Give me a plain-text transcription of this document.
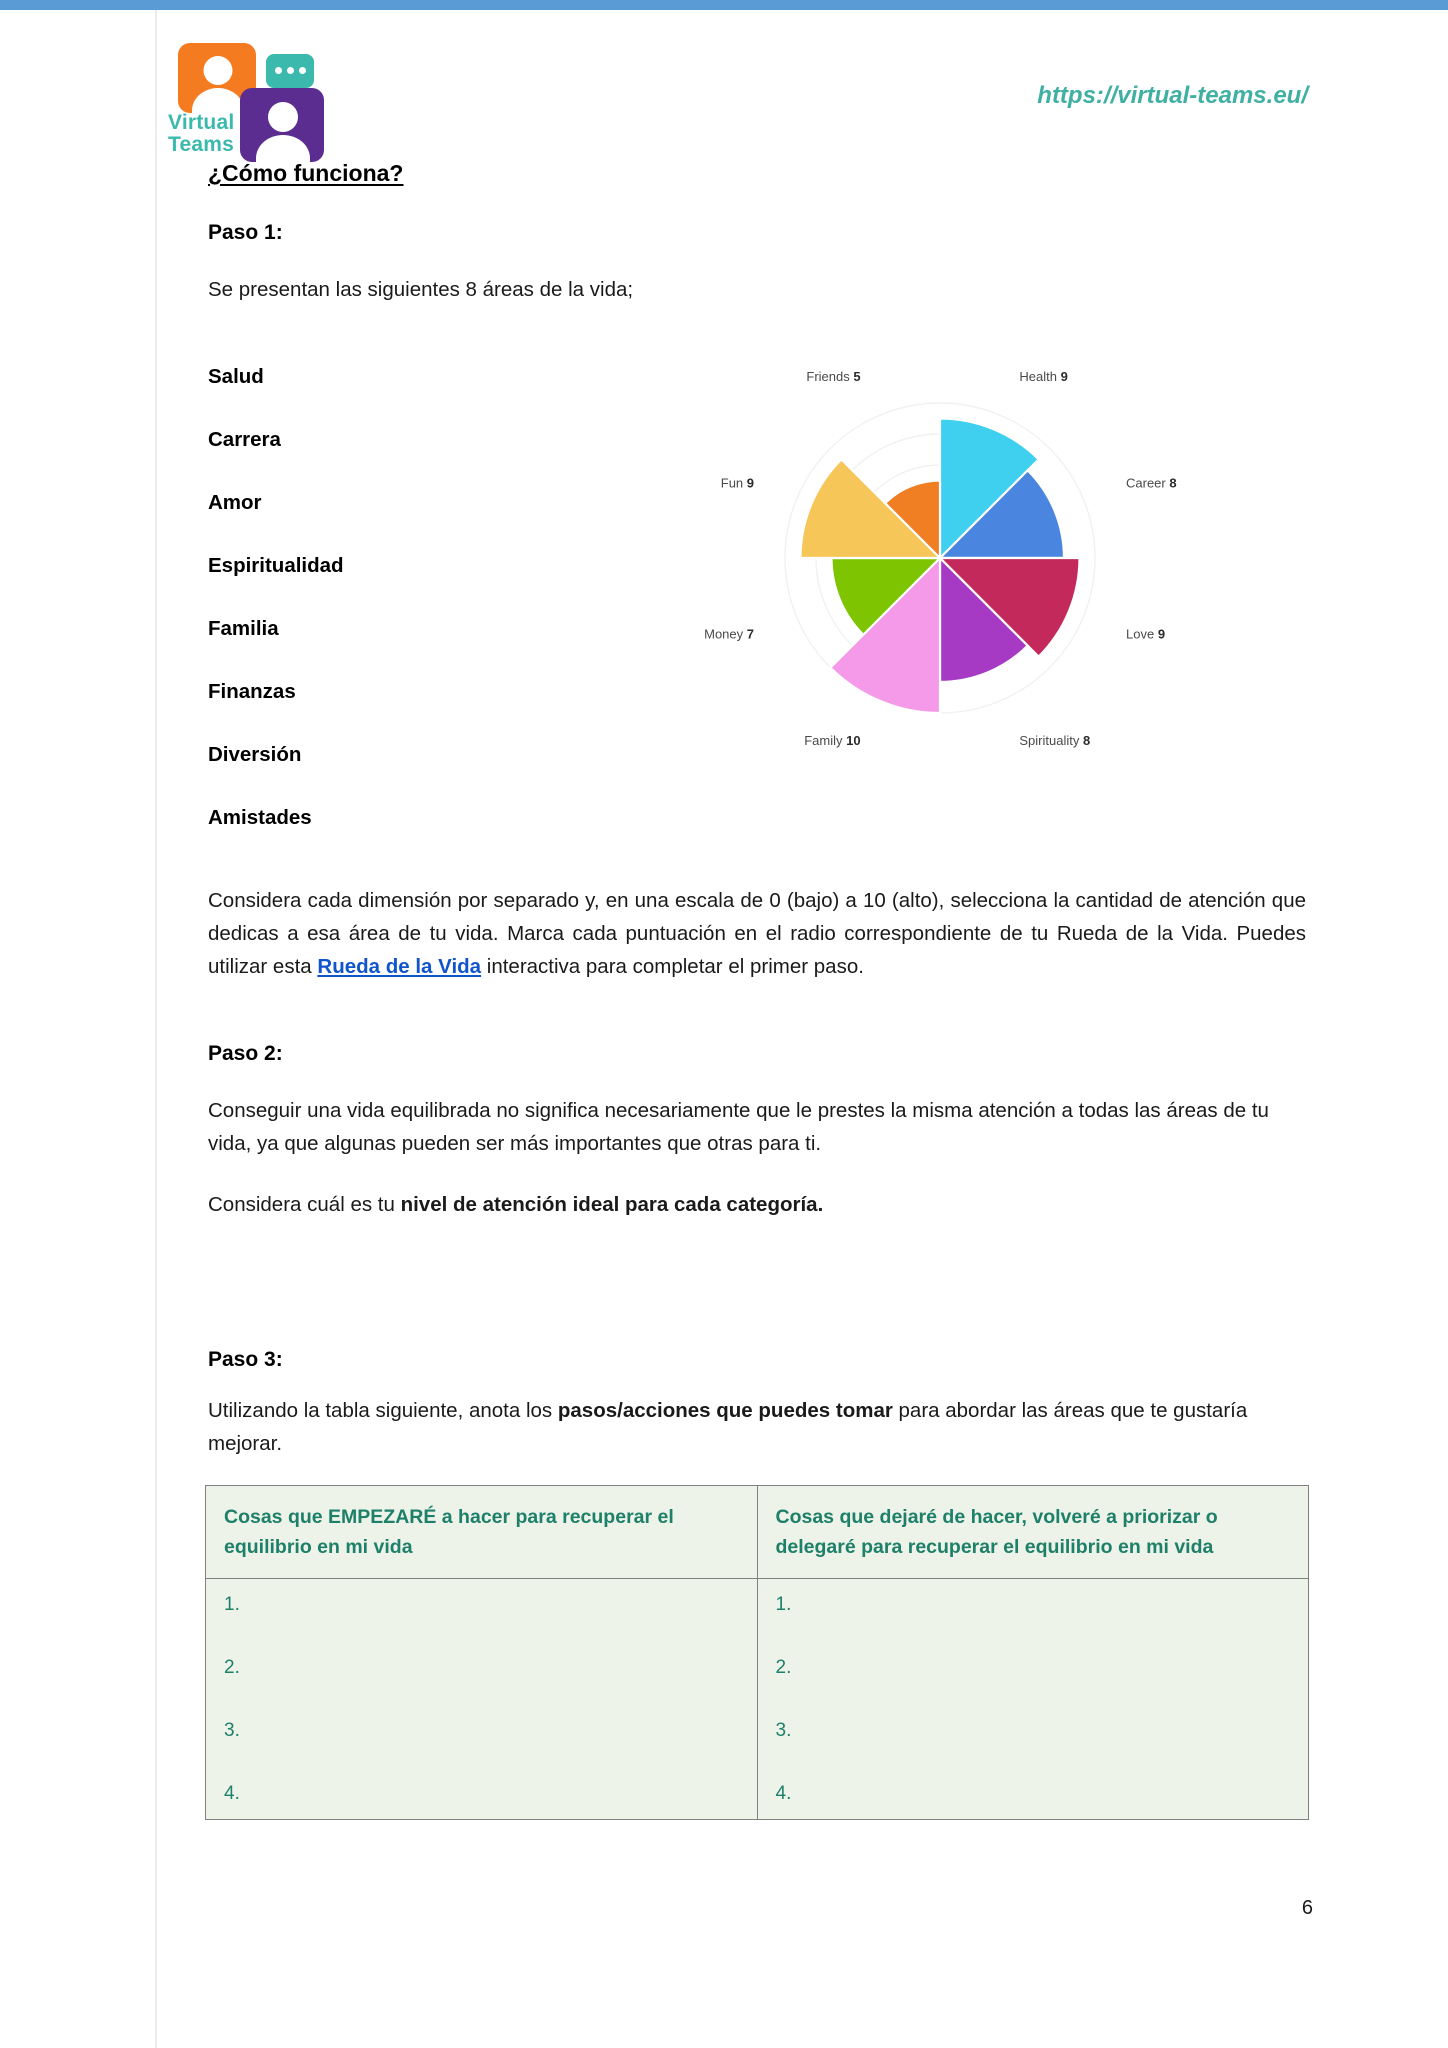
Virtual
Teams
https://virtual-teams.eu/
¿Cómo funciona?
Paso 1:

Se presentan las siguientes 8 áreas de la vida;

Salud
Carrera
Amor
Espiritualidad
Familia
Finanzas
Diversión
Amistades
Health 9
Career 8
Love 9
Spirituality 8
Family 10
Money 7
Fun 9
Friends 5

Considera cada dimensión por separado y, en una escala de 0 (bajo) a 10 (alto), selecciona la cantidad de atención que dedicas a esa área de tu vida. Marca cada puntuación en el radio correspondiente de tu Rueda de la Vida. Puedes utilizar esta Rueda de la Vida interactiva para completar el primer paso.

Paso 2:

Conseguir una vida equilibrada no significa necesariamente que le prestes la misma atención a todas las áreas de tu vida, ya que algunas pueden ser más importantes que otras para ti.

Considera cuál es tu nivel de atención ideal para cada categoría.

Paso 3:

Utilizando la tabla siguiente, anota los pasos/acciones que puedes tomar para abordar las áreas que te gustaría mejorar.

Cosas que EMPEZARÉ a hacer para recuperar el equilibrio en mi vida	Cosas que dejaré de hacer, volveré a priorizar o delegaré para recuperar el equilibrio en mi vida

1.
2.
3.
4.

1.
2.
3.
4.
6
